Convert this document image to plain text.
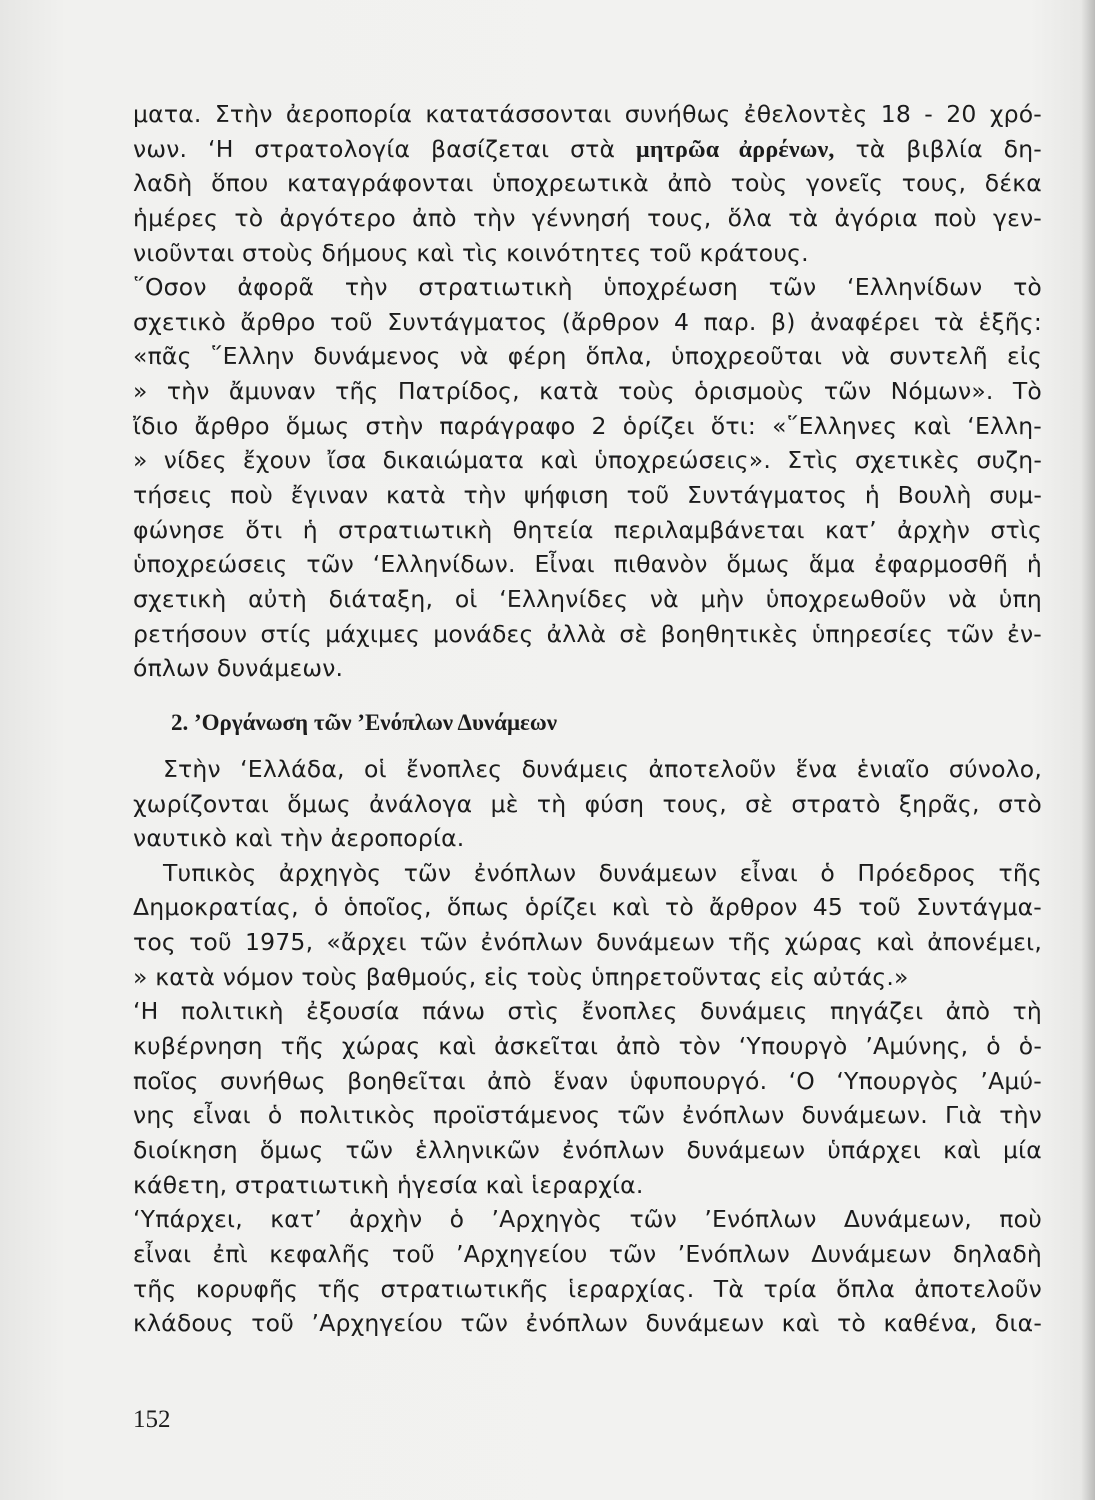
ματα. Στὴν ἀεροπορία κατατάσσονται συνήθως ἐθελοντὲς 18 - 20 χρό-
νων. ‘Η στρατολογία βασίζεται στὰ μητρῶα ἀρρένων, τὰ βιβλία δη-
λαδὴ ὅπου καταγράφονται ὑποχρεωτικὰ ἀπὸ τοὺς γονεῖς τους, δέκα
ἡμέρες τὸ ἀργότερο ἀπὸ τὴν γέννησή τους, ὅλα τὰ ἀγόρια ποὺ γεν-
νιοῦνται στοὺς δήμους καὶ τὶς κοινότητες τοῦ κράτους.
῞Οσον ἀφορᾶ τὴν στρατιωτικὴ ὑποχρέωση τῶν ‘Ελληνίδων τὸ
σχετικὸ ἄρθρο τοῦ Συντάγματος (ἄρθρον 4 παρ. β) ἀναφέρει τὰ ἑξῆς:
«πᾶς ῞Ελλην δυνάμενος νὰ φέρη ὅπλα, ὑποχρεοῦται νὰ συντελῆ εἰς
» τὴν ἄμυναν τῆς Πατρίδος, κατὰ τοὺς ὁρισμοὺς τῶν Νόμων». Τὸ
ἴδιο ἄρθρο ὅμως στὴν παράγραφο 2 ὁρίζει ὅτι: «῞Ελληνες καὶ ‘Ελλη-
» νίδες ἔχουν ἴσα δικαιώματα καὶ ὑποχρεώσεις». Στὶς σχετικὲς συζη-
τήσεις ποὺ ἔγιναν κατὰ τὴν ψήφιση τοῦ Συντάγματος ἡ Βουλὴ συμ-
φώνησε ὅτι ἡ στρατιωτικὴ θητεία περιλαμβάνεται κατ’ ἀρχὴν στὶς
ὑποχρεώσεις τῶν ‘Ελληνίδων. Εἶναι πιθανὸν ὅμως ἅμα ἐφαρμοσθῆ ἡ
σχετικὴ αὐτὴ διάταξη, οἱ ‘Ελληνίδες νὰ μὴν ὑποχρεωθοῦν νὰ ὑπη
ρετήσουν στίς μάχιμες μονάδες ἀλλὰ σὲ βοηθητικὲς ὑπηρεσίες τῶν ἐν-
όπλων δυνάμεων.
2. ’Οργάνωση τῶν ’Ενόπλων Δυνάμεων
Στὴν ‘Ελλάδα, οἱ ἔνοπλες δυνάμεις ἀποτελοῦν ἕνα ἑνιαῖο σύνολο,
χωρίζονται ὅμως ἀνάλογα μὲ τὴ φύση τους, σὲ στρατὸ ξηρᾶς, στὸ
ναυτικὸ καὶ τὴν ἀεροπορία.
Τυπικὸς ἀρχηγὸς τῶν ἐνόπλων δυνάμεων εἶναι ὁ Πρόεδρος τῆς
Δημοκρατίας, ὁ ὁποῖος, ὅπως ὁρίζει καὶ τὸ ἄρθρον 45 τοῦ Συντάγμα-
τος τοῦ 1975, «ἄρχει τῶν ἐνόπλων δυνάμεων τῆς χώρας καὶ ἀπονέμει,
» κατὰ νόμον τοὺς βαθμούς, εἰς τοὺς ὑπηρετοῦντας εἰς αὐτάς.»
‘Η πολιτικὴ ἐξουσία πάνω στὶς ἔνοπλες δυνάμεις πηγάζει ἀπὸ τὴ
κυβέρνηση τῆς χώρας καὶ ἀσκεῖται ἀπὸ τὸν ‘Υπουργὸ ’Αμύνης, ὁ ὁ-
ποῖος συνήθως βοηθεῖται ἀπὸ ἕναν ὑφυπουργό. ‘Ο ‘Υπουργὸς ’Αμύ-
νης εἶναι ὁ πολιτικὸς προϊστάμενος τῶν ἐνόπλων δυνάμεων. Γιὰ τὴν
διοίκηση ὅμως τῶν ἑλληνικῶν ἐνόπλων δυνάμεων ὑπάρχει καὶ μία
κάθετη, στρατιωτικὴ ἡγεσία καὶ ἱεραρχία.
‘Υπάρχει, κατ’ ἀρχὴν ὁ ’Αρχηγὸς τῶν ’Ενόπλων Δυνάμεων, ποὺ
εἶναι ἐπὶ κεφαλῆς τοῦ ’Αρχηγείου τῶν ’Ενόπλων Δυνάμεων δηλαδὴ
τῆς κορυφῆς τῆς στρατιωτικῆς ἱεραρχίας. Τὰ τρία ὅπλα ἀποτελοῦν
κλάδους τοῦ ’Αρχηγείου τῶν ἐνόπλων δυνάμεων καὶ τὸ καθένα, δια-
152
